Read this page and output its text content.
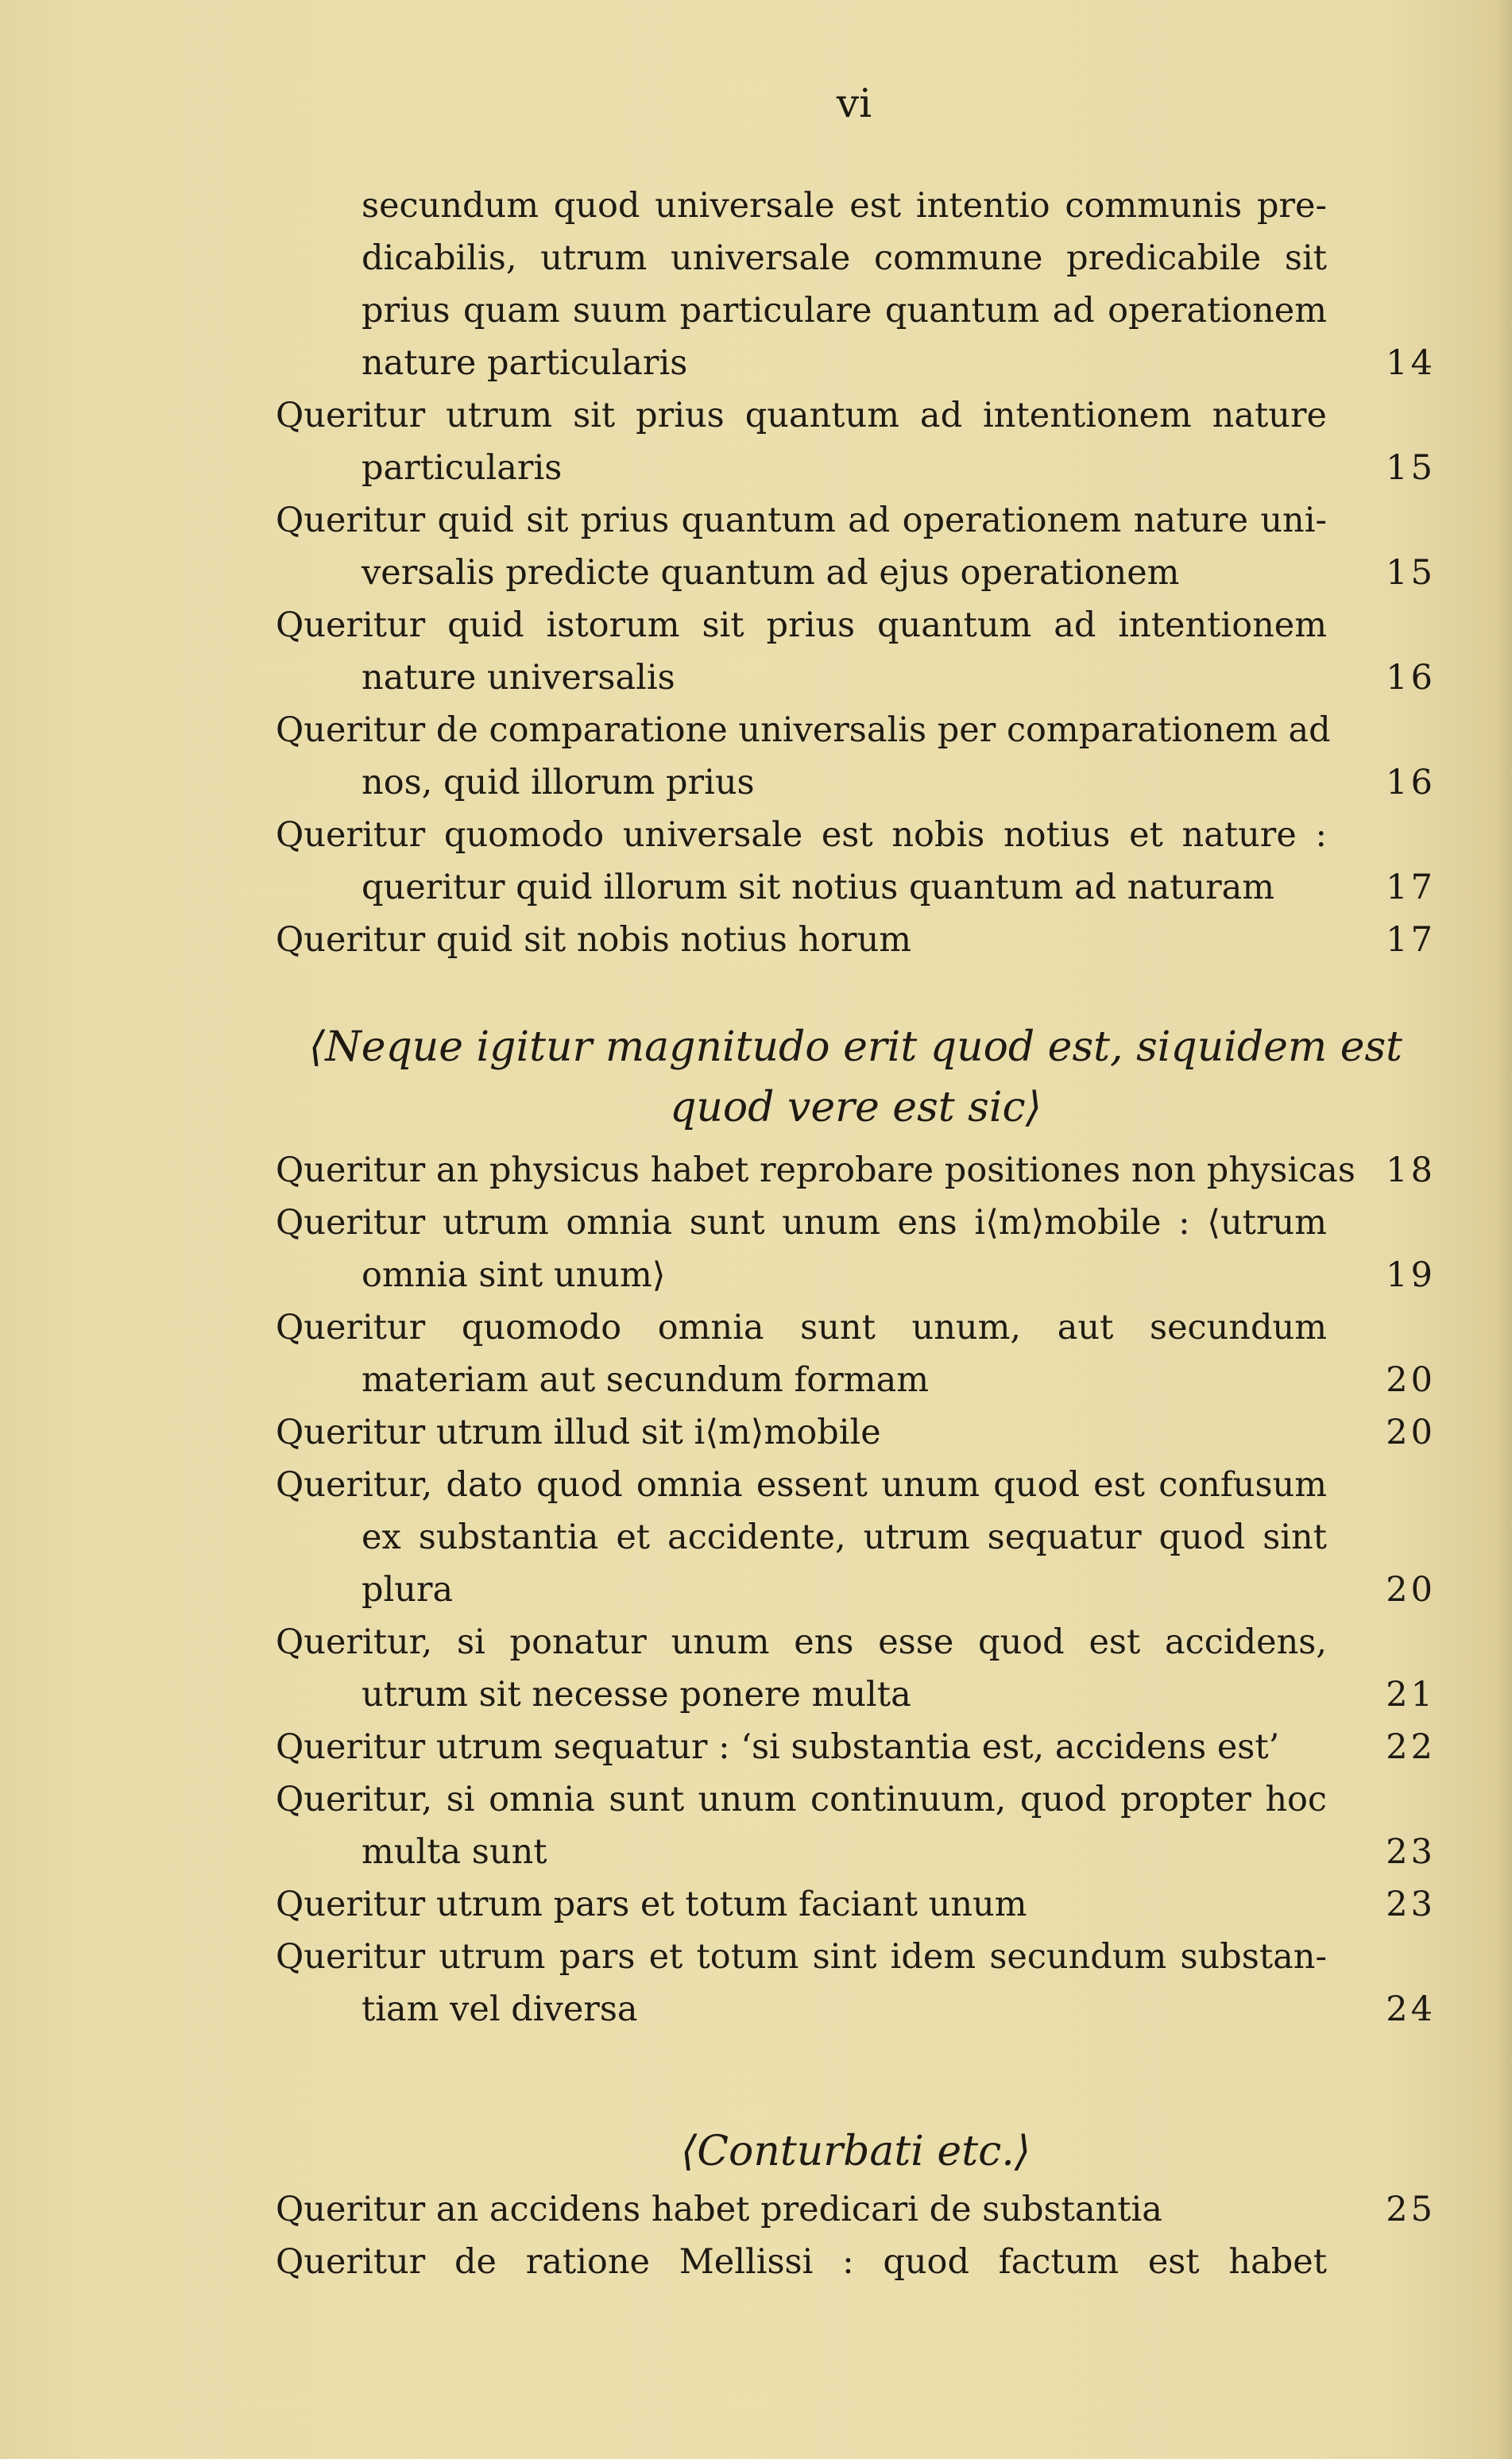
vi
secundum quod universale est intentio communis pre-
dicabilis, utrum universale commune predicabile sit
prius quam suum particulare quantum ad operationem
nature particularis	14
Queritur utrum sit prius quantum ad intentionem nature
particularis	15
Queritur quid sit prius quantum ad operationem nature uni-
versalis predicte quantum ad ejus operationem	15
Queritur quid istorum sit prius quantum ad intentionem
nature universalis	16
Queritur de comparatione universalis per comparationem ad
nos, quid illorum prius	16
Queritur quomodo universale est nobis notius et nature :
queritur quid illorum sit notius quantum ad naturam	17
Queritur quid sit nobis notius horum	17
⟨Neque igitur magnitudo erit quod est, siquidem est
quod vere est sic⟩
Queritur an physicus habet reprobare positiones non physicas 18
Queritur utrum omnia sunt unum ens i⟨m⟩mobile : ⟨utrum
omnia sint unum⟩	19
Queritur quomodo omnia sunt unum, aut secundum
materiam aut secundum formam	20
Queritur utrum illud sit i⟨m⟩mobile	20
Queritur, dato quod omnia essent unum quod est confusum
ex substantia et accidente, utrum sequatur quod sint
plura	20
Queritur, si ponatur unum ens esse quod est accidens,
utrum sit necesse ponere multa	21
Queritur utrum sequatur : ‘si substantia est, accidens est’	22
Queritur, si omnia sunt unum continuum, quod propter hoc
multa sunt	23
Queritur utrum pars et totum faciant unum	23
Queritur utrum pars et totum sint idem secundum substan-
tiam vel diversa	24
⟨Conturbati etc.⟩
Queritur an accidens habet predicari de substantia	25
Queritur de ratione Mellissi : quod factum est habet
